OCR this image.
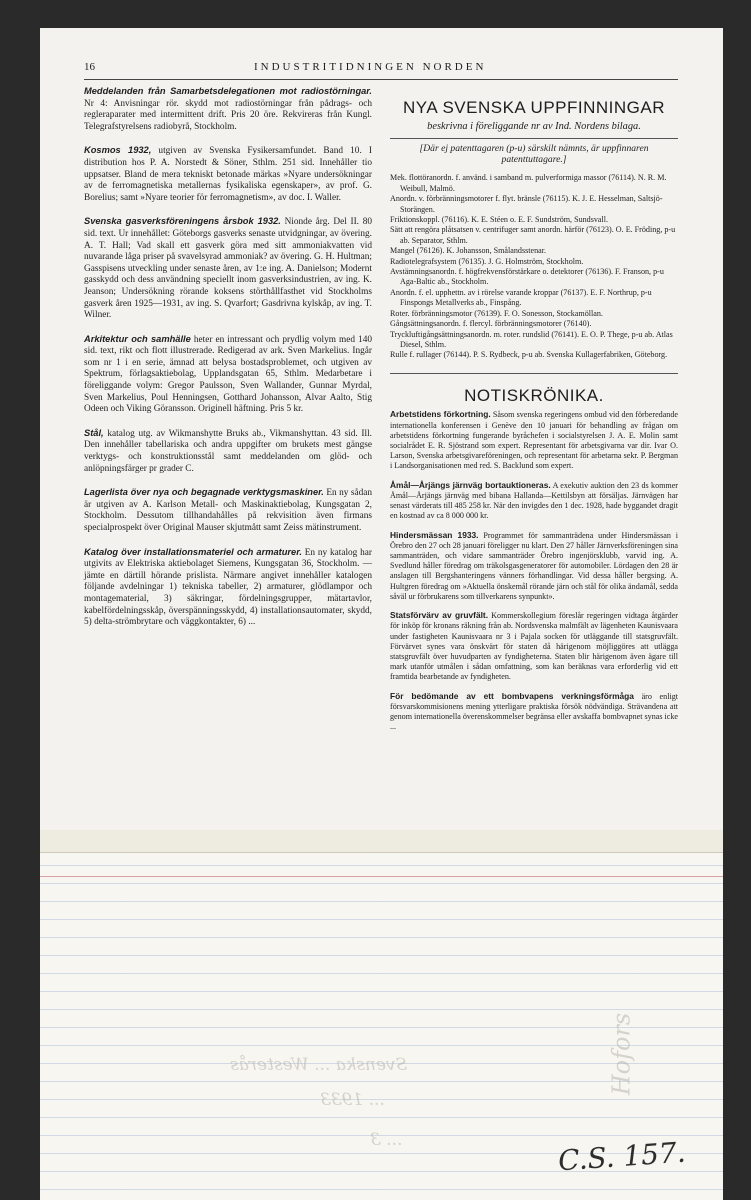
16	INDUSTRITIDNINGEN NORDEN

Meddelanden från Samarbetsdelegationen mot radiostörningar. Nr 4: Anvisningar rör. skydd mot radiostörningar från pådrags- och regleraparater med intermittent drift. Pris 20 öre. Rekvireras från Kungl. Telegrafstyrelsens radiobyrå, Stockholm.

Kosmos 1932, utgiven av Svenska Fysikersamfundet. Band 10. I distribution hos P. A. Norstedt & Söner, Sthlm. 251 sid. Innehåller tio uppsatser. Bland de mera tekniskt betonade märkas »Nyare undersökningar av de ferromagnetiska metallernas fysikaliska egenskaper», av prof. G. Borelius; samt »Nyare teorier för ferromagnetism», av doc. I. Waller.

Svenska gasverksföreningens årsbok 1932. Nionde årg. Del II. 80 sid. text. Ur innehållet: Göteborgs gasverks senaste utvidgningar, av övering. A. T. Hall; Vad skall ett gasverk göra med sitt ammoniakvatten vid nuvarande låga priser på svavelsyrad ammoniak? av övering. G. H. Hultman; Gasspisens utveckling under senaste åren, av 1:e ing. A. Danielson; Modernt gasskydd och dess användning speciellt inom gasverksindustrien, av ing. K. Jeanson; Undersökning rörande koksens störthållfasthet vid Stockholms gasverk åren 1925—1931, av ing. S. Qvarfort; Gasdrivna kylskåp, av ing. T. Wilner.

Arkitektur och samhälle heter en intressant och prydlig volym med 140 sid. text, rikt och flott illustrerade. Redigerad av ark. Sven Markelius. Ingår som nr 1 i en serie, ämnad att belysa bostadsproblemet, och utgiven av Spektrum, förlagsaktiebolag, Upplandsgatan 65, Sthlm. Medarbetare i föreliggande volym: Gregor Paulsson, Sven Wallander, Gunnar Myrdal, Sven Markelius, Poul Henningsen, Gotthard Johansson, Alvar Aalto, Stig Odeen och Viking Göransson. Originell häftning. Pris 5 kr.

Stål, katalog utg. av Wikmanshytte Bruks ab., Vikmanshyttan. 43 sid. Ill. Den innehåller tabellariska och andra uppgifter om brukets mest gängse verktygs- och konstruktionsstål samt meddelanden om glöd- och anlöpningsfärger pr grader C.

Lagerlista över nya och begagnade verktygsmaskiner. En ny sådan är utgiven av A. Karlson Metall- och Maskinaktiebolag, Kungsgatan 2, Stockholm. Dessutom tillhandahålles på rekvisition även firmans specialprospekt över Original Mauser skjutmått samt Zeiss mätinstrument.

Katalog över installationsmateriel och armaturer. En ny katalog har utgivits av Elektriska aktiebolaget Siemens, Kungsgatan 36, Stockholm. — jämte en därtill hörande prislista. Närmare angivet innehåller katalogen följande avdelningar 1) tekniska tabeller, 2) armaturer, glödlampor och montagematerial, 3) säkringar, fördelningsgrupper, mätartavlor, kabelfördelningsskåp, överspänningsskydd, 4) installationsautomater, skydd, 5) delta-strömbrytare och väggkontakter, 6) ...

NYA SVENSKA UPPFINNINGAR
beskrivna i föreliggande nr av Ind. Nordens bilaga.
[Där ej patenttagaren (p-u) särskilt nämnts, är uppfinnaren patenttuttagare.]
Mek. flottöranordn. f. använd. i samband m. pulverformiga massor (76114). N. R. M. Weibull, Malmö.
Anordn. v. förbränningsmotorer f. flyt. bränsle (76115). K. J. E. Hesselman, Saltsjö-Storängen.
Friktionskoppl. (76116). K. E. Stéen o. E. F. Sundström, Sundsvall.
Sätt att rengöra plåtsatsen v. centrifuger samt anordn. härför (76123). O. E. Fröding, p-u ab. Separator, Sthlm.
Mangel (76126). K. Johansson, Smålandsstenar.
Radiotelegrafsystem (76135). J. G. Holmström, Stockholm.
Avstämningsanordn. f. högfrekvensförstärkare o. detektorer (76136). F. Franson, p-u Aga-Baltic ab., Stockholm.
Anordn. f. el. upphettn. av i rörelse varande kroppar (76137). E. F. Northrup, p-u Finspongs Metallverks ab., Finspång.
Roter. förbränningsmotor (76139). F. O. Sonesson, Stockamöllan.
Gångsättningsanordn. f. flercyl. förbränningsmotorer (76140).
Tryckluftigångsättningsanordn. m. roter. rundslid (76141). E. O. P. Thege, p-u ab. Atlas Diesel, Sthlm.
Rulle f. rullager (76144). P. S. Rydbeck, p-u ab. Svenska Kullagerfabriken, Göteborg.
NOTISKRÖNIKA.

Arbetstidens förkortning. Såsom svenska regeringens ombud vid den förberedande internationella konferensen i Genève den 10 januari för behandling av frågan om arbetstidens förkortning fungerande byråchefen i socialstyrelsen J. A. E. Molin samt socialrådet E. R. Sjöstrand som expert. Representant för arbetsgivarna var dir. Ivar O. Larson, Svenska arbetsgivareföreningen, och representant för arbetarna sekr. P. Bergman i Landsorganisationen med red. S. Backlund som expert.

Åmål—Årjängs järnväg bortauktioneras. A exekutiv auktion den 23 ds kommer Åmål—Årjängs järnväg med bibana Hallanda—Kettilsbyn att försäljas. Järnvägen har senast värderats till 485 258 kr. När den invigdes den 1 dec. 1928, hade byggandet dragit en kostnad av ca 8 000 000 kr.

Hindersmässan 1933. Programmet för sammanträdena under Hindersmässan i Örebro den 27 och 28 januari föreligger nu klart. Den 27 håller Järnverksföreningen sina sammanträden, och vidare sammanträder Örebro ingenjörsklubb, varvid ing. A. Svedlund håller föredrag om träkolsgasgeneratorer för automobiler. Lördagen den 28 är anslagen till Bergshanteringens vänners förhandlingar. Vid dessa håller bergsing. A. Hultgren föredrag om »Aktuella önskemål rörande järn och stål för olika ändamål, sedda såväl ur förbrukarens som tillverkarens synpunkt».

Statsförvärv av gruvfält. Kommerskollegium föreslår regeringen vidtaga åtgärder för inköp för kronans räkning från ab. Nordsvenska malmfält av lägenheten Kaunisvaara under fastigheten Kaunisvaara nr 3 i Pajala socken för utläggande till statsgruvfält. Förvärvet synes vara önskvärt för staten då härigenom möjliggöres att utlägga statsgruvfält över huvudparten av fyndigheterna. Staten blir härigenom även ägare till mark utanför utmålen i sådan omfattning, som kan beräknas vara erforderlig vid ett framtida bearbetande av fyndigheten.

För bedömande av ett bombvapens verkningsförmåga äro enligt försvarskommisionens mening ytterligare praktiska försök nödvändiga. Strävandena att genom internationella överenskommelser begränsa eller avskaffa bombvapnet synas icke ...

Hofors
Svenska ... Westerås
... 1933
... 3	C.S. 157.
